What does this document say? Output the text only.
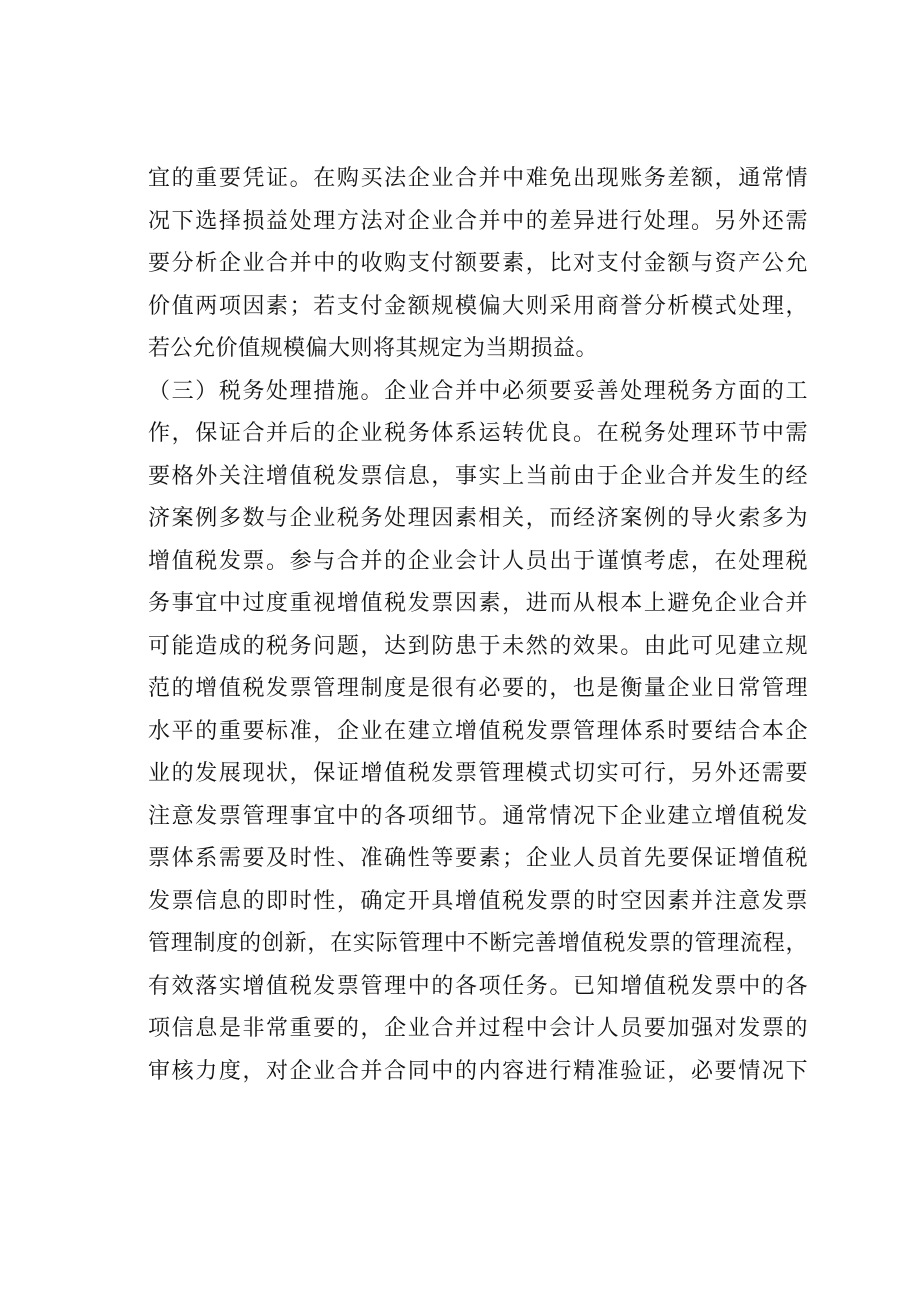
宜的重要凭证。在购买法企业合并中难免出现账务差额，通常情
况下选择损益处理方法对企业合并中的差异进行处理。另外还需
要分析企业合并中的收购支付额要素，比对支付金额与资产公允
价值两项因素；若支付金额规模偏大则采用商誉分析模式处理，
若公允价值规模偏大则将其规定为当期损益。
（三）税务处理措施。企业合并中必须要妥善处理税务方面的工
作，保证合并后的企业税务体系运转优良。在税务处理环节中需
要格外关注增值税发票信息，事实上当前由于企业合并发生的经
济案例多数与企业税务处理因素相关，而经济案例的导火索多为
增值税发票。参与合并的企业会计人员出于谨慎考虑，在处理税
务事宜中过度重视增值税发票因素，进而从根本上避免企业合并
可能造成的税务问题，达到防患于未然的效果。由此可见建立规
范的增值税发票管理制度是很有必要的，也是衡量企业日常管理
水平的重要标准，企业在建立增值税发票管理体系时要结合本企
业的发展现状，保证增值税发票管理模式切实可行，另外还需要
注意发票管理事宜中的各项细节。通常情况下企业建立增值税发
票体系需要及时性、准确性等要素；企业人员首先要保证增值税
发票信息的即时性，确定开具增值税发票的时空因素并注意发票
管理制度的创新，在实际管理中不断完善增值税发票的管理流程，
有效落实增值税发票管理中的各项任务。已知增值税发票中的各
项信息是非常重要的，企业合并过程中会计人员要加强对发票的
审核力度，对企业合并合同中的内容进行精准验证，必要情况下
